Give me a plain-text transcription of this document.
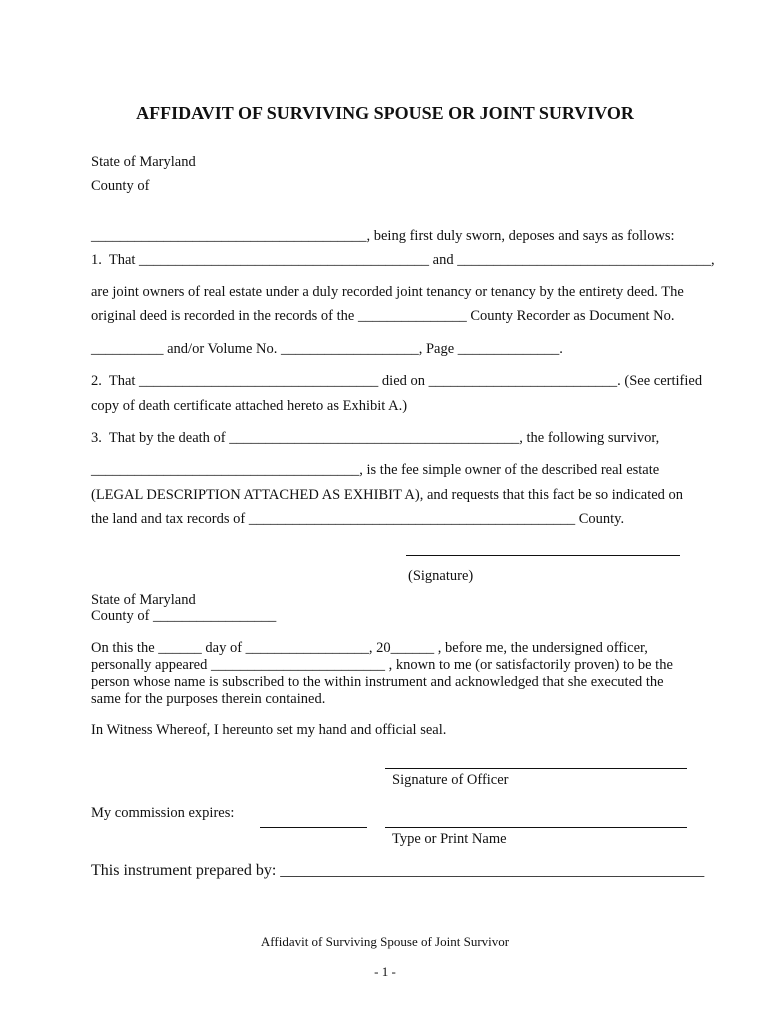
AFFIDAVIT OF SURVIVING SPOUSE OR JOINT SURVIVOR
State of Maryland
County of
______________________________________, being first duly sworn, deposes and says as follows:
1.  That ________________________________________ and ___________________________________,
are joint owners of real estate under a duly recorded joint tenancy or tenancy by the entirety deed. The
original deed is recorded in the records of the _______________ County Recorder as Document No.
__________ and/or Volume No. ___________________, Page ______________.
2.  That _________________________________ died on __________________________. (See certified
copy of death certificate attached hereto as Exhibit A.)
3.  That by the death of ________________________________________, the following survivor,
_____________________________________, is the fee simple owner of the described real estate
(LEGAL DESCRIPTION ATTACHED AS EXHIBIT A), and requests that this fact be so indicated on
the land and tax records of _____________________________________________ County.
(Signature)
State of Maryland
County of _________________
On this the ______ day of _________________, 20______ , before me, the undersigned officer,
personally appeared ________________________ , known to me (or satisfactorily proven) to be the
person whose name is subscribed to the within instrument and acknowledged that she executed the
same for the purposes therein contained.
In Witness Whereof, I hereunto set my hand and official seal.
Signature of Officer
My commission expires:
Type or Print Name
This instrument prepared by: _____________________________________________________
Affidavit of Surviving Spouse of Joint Survivor
- 1 -
